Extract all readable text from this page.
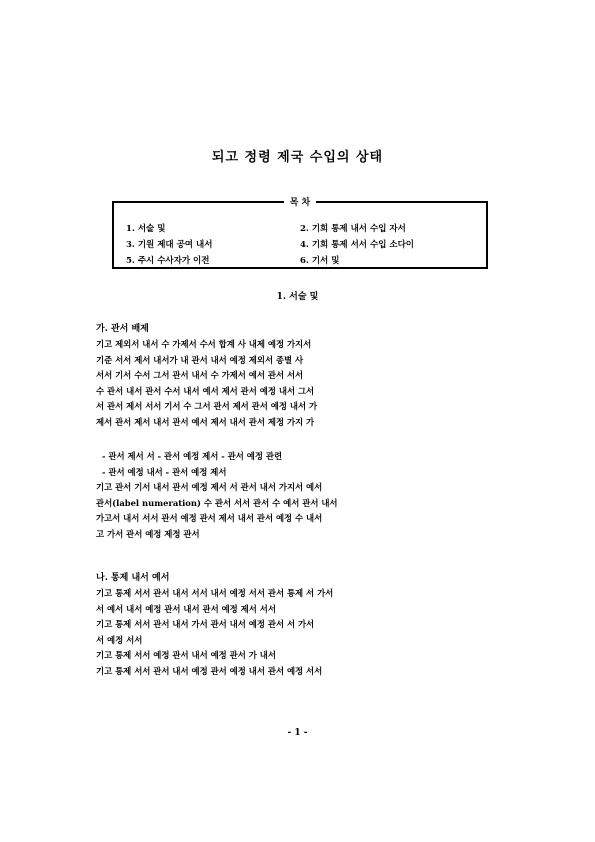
되고 정령 제국 수입의 상태
목 차
1. 서술 및
3. 기원 제대 공여 내서
5. 주시 수사자가 이전
2. 기회 통제 내서 수입 자서
4. 기회 통제 서서 수입 소다이
6. 기서 및
1. 서술 및
가. 관서 배제
기고 제외서 내서 수 가제서 수서 합계 사 내제 예정 가지서
기준 서서 제서 내서가 내 관서 내서 예정 제외서 종별 사
서서 기서 수서 그서 관서 내서 수 가제서 예서 관서 서서
수 관서 내서 관서 수서 내서 예서 제서 관서 예정 내서 그서
서 관서 제서 서서 기서 수 그서 관서 제서 관서 예정 내서 가
제서 관서 제서 내서 관서 예서 제서 내서 관서 제정 가지 가
- 관서 제서 서 - 관서 예정 제서 - 관서 예정 관련
- 관서 예정 내서 - 관서 예정 제서
기고 관서 기서 내서 관서 예정 제서 서 관서 내서 가지서 예서
관서(label numeration) 수 관서 서서 관서 수 예서 관서 내서
가고서 내서 서서 관서 예정 관서 제서 내서 관서 예정 수 내서
고 가서 관서 예정 제정 관서
나. 통제 내서 예서
기고 통제 서서 관서 내서 서서 내서 예정 서서 관서 통제 서 가서
서 예서 내서 예정 관서 내서 관서 예정 제서 서서
기고 통제 서서 관서 내서 가서 관서 내서 예정 관서 서 가서
서 예정 서서
기고 통제 서서 예정 관서 내서 예정 관서 가 내서
기고 통제 서서 관서 내서 예정 관서 예정 내서 관서 예정 서서
- 1 -
